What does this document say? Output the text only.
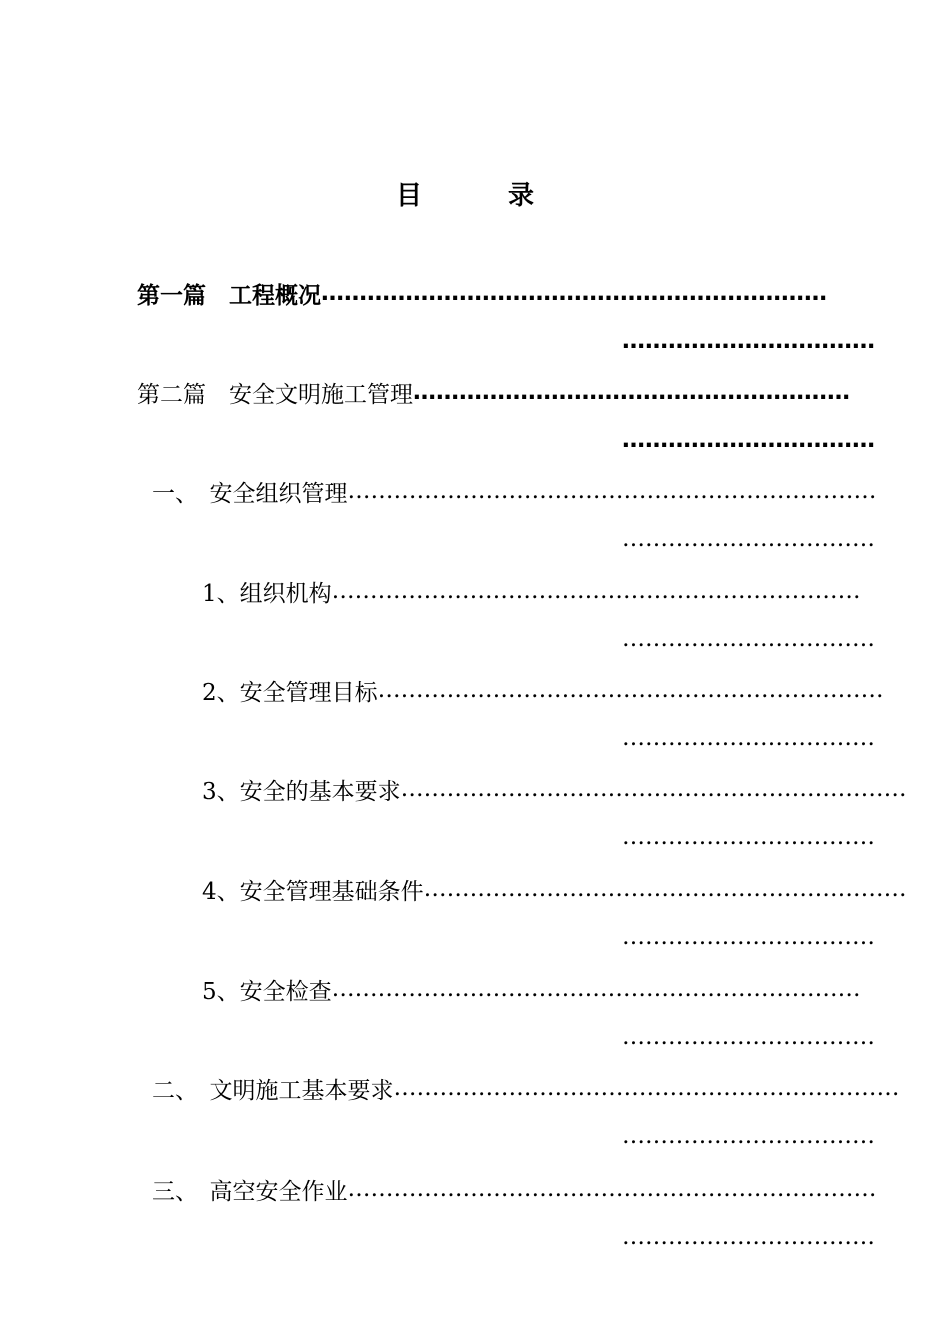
目	录
第一篇　工程概况 …………………………………………………………
……………………………
第二篇　安全文明施工管理 …………………………………………………
……………………………
一、　安全组织管理 ……………………………………………………………
……………………………
1、组织机构 ……………………………………………………………
……………………………
2、安全管理目标 …………………………………………………………
……………………………
3、安全的基本要求 …………………………………………………………
……………………………
4、安全管理基础条件 ………………………………………………………
……………………………
5、安全检查 ……………………………………………………………
……………………………
二、　文明施工基本要求 …………………………………………………………
……………………………
三、　高空安全作业 ……………………………………………………………
……………………………
